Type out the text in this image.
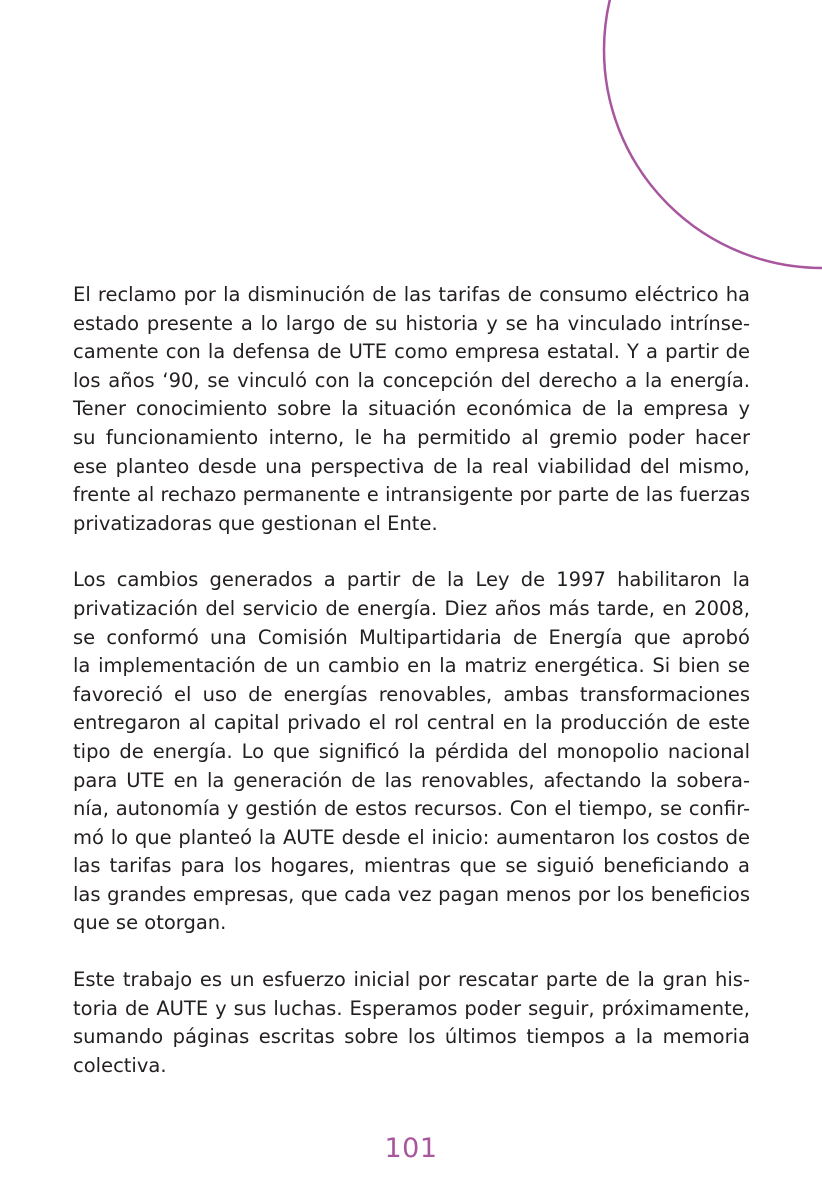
El reclamo por la disminución de las tarifas de consumo eléctrico ha
estado presente a lo largo de su historia y se ha vinculado intrínse-
camente con la defensa de UTE como empresa estatal. Y a partir de
los años ‘90, se vinculó con la concepción del derecho a la energía.
Tener conocimiento sobre la situación económica de la empresa y
su funcionamiento interno, le ha permitido al gremio poder hacer
ese planteo desde una perspectiva de la real viabilidad del mismo,
frente al rechazo permanente e intransigente por parte de las fuerzas
privatizadoras que gestionan el Ente.
Los cambios generados a partir de la Ley de 1997 habilitaron la
privatización del servicio de energía. Diez años más tarde, en 2008,
se conformó una Comisión Multipartidaria de Energía que aprobó
la implementación de un cambio en la matriz energética. Si bien se
favoreció el uso de energías renovables, ambas transformaciones
entregaron al capital privado el rol central en la producción de este
tipo de energía. Lo que significó la pérdida del monopolio nacional
para UTE en la generación de las renovables, afectando la sobera-
nía, autonomía y gestión de estos recursos. Con el tiempo, se confir-
mó lo que planteó la AUTE desde el inicio: aumentaron los costos de
las tarifas para los hogares, mientras que se siguió beneficiando a
las grandes empresas, que cada vez pagan menos por los beneficios
que se otorgan.
Este trabajo es un esfuerzo inicial por rescatar parte de la gran his-
toria de AUTE y sus luchas. Esperamos poder seguir, próximamente,
sumando páginas escritas sobre los últimos tiempos a la memoria
colectiva.
101
